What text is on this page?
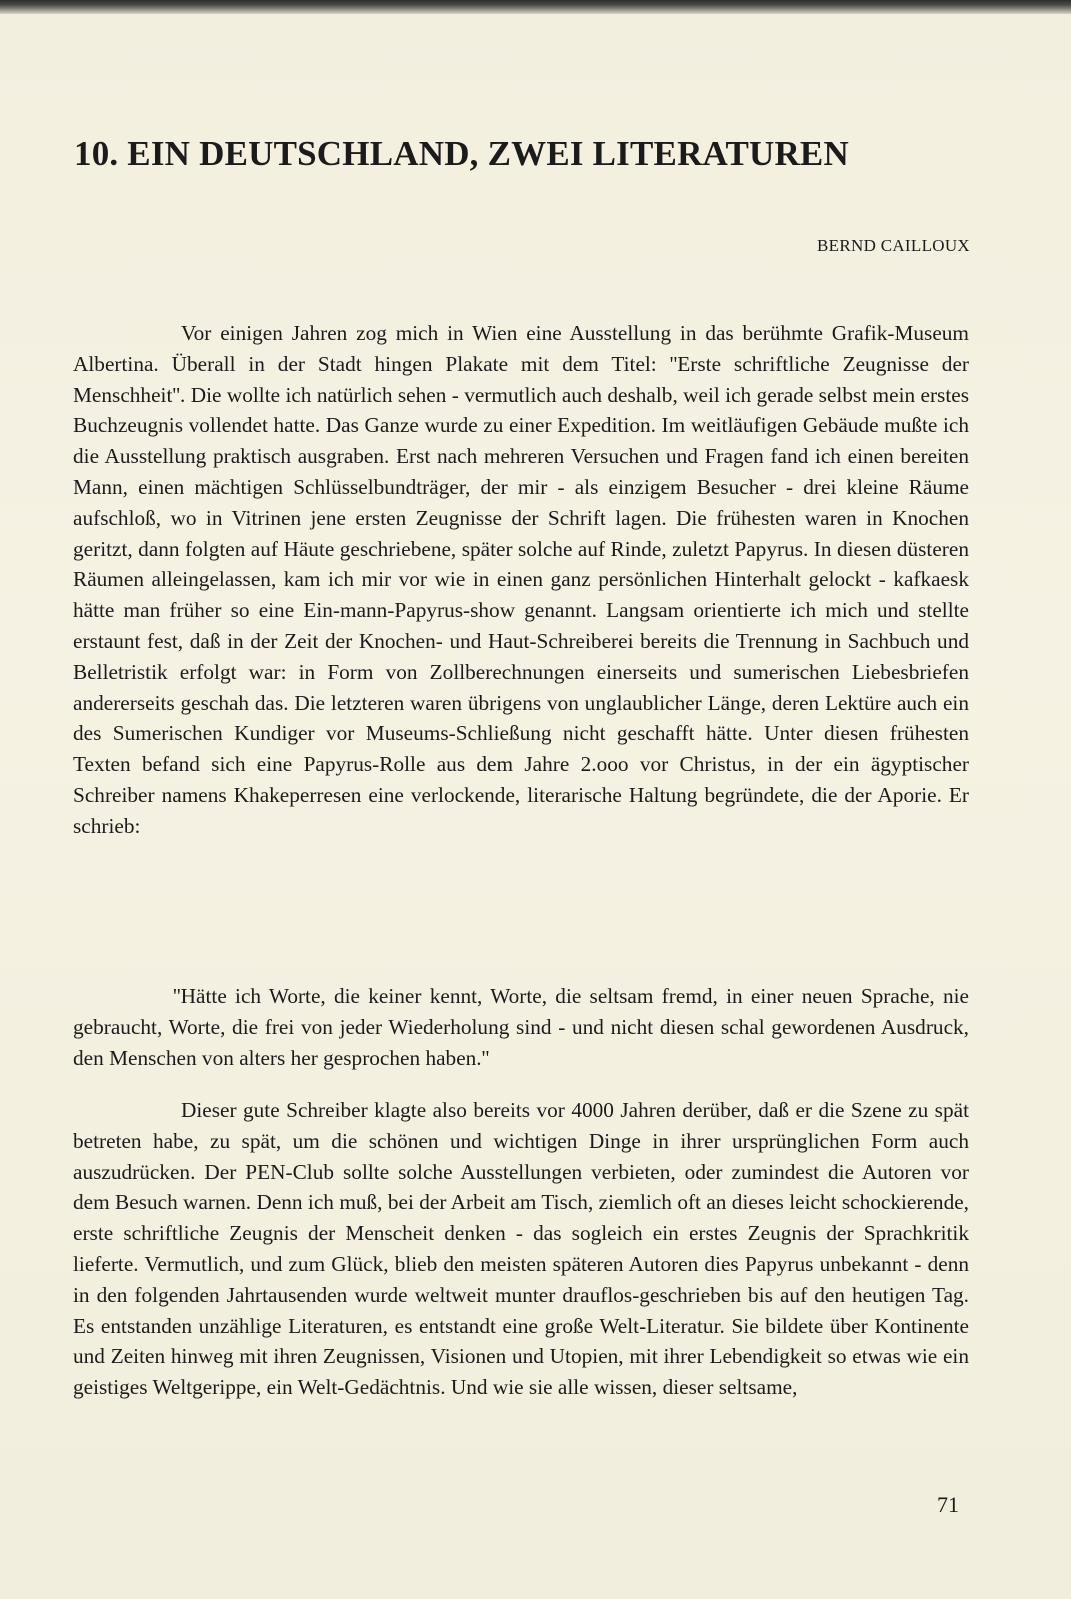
10. EIN DEUTSCHLAND, ZWEI LITERATUREN
BERND CAILLOUX

Vor einigen Jahren zog mich in Wien eine Ausstellung in das berühmte Grafik-Museum Albertina. Überall in der Stadt hingen Plakate mit dem Titel: ''Erste schriftliche Zeugnisse der Menschheit''. Die wollte ich natürlich sehen - vermutlich auch deshalb, weil ich gerade selbst mein erstes Buchzeugnis vollendet hatte. Das Ganze wurde zu einer Expedition. Im weitläufigen Gebäude mußte ich die Ausstellung praktisch ausgraben. Erst nach mehreren Versuchen und Fragen fand ich einen bereiten Mann, einen mächtigen Schlüsselbundträger, der mir - als einzigem Besucher - drei kleine Räume aufschloß, wo in Vitrinen jene ersten Zeugnisse der Schrift lagen. Die frühesten waren in Knochen geritzt, dann folgten auf Häute geschriebene, später solche auf Rinde, zuletzt Papyrus. In diesen düsteren Räumen alleingelassen, kam ich mir vor wie in einen ganz persönlichen Hinterhalt gelockt - kafkaesk hätte man früher so eine Ein-mann-Papyrus-show genannt. Langsam orientierte ich mich und stellte erstaunt fest, daß in der Zeit der Knochen- und Haut-Schreiberei bereits die Trennung in Sachbuch und Belletristik erfolgt war: in Form von Zollberechnungen einerseits und sumerischen Liebesbriefen andererseits geschah das. Die letzteren waren übrigens von unglaublicher Länge, deren Lektüre auch ein des Sumerischen Kundiger vor Museums-Schließung nicht geschafft hätte. Unter diesen frühesten Texten befand sich eine Papyrus-Rolle aus dem Jahre 2.ooo vor Christus, in der ein ägyptischer Schreiber namens Khakeperresen eine verlockende, literarische Haltung begründete, die der Aporie. Er schrieb:

''Hätte ich Worte, die keiner kennt, Worte, die seltsam fremd, in einer neuen Sprache, nie gebraucht, Worte, die frei von jeder Wiederholung sind - und nicht diesen schal gewordenen Ausdruck, den Menschen von alters her gesprochen haben.''

Dieser gute Schreiber klagte also bereits vor 4000 Jahren derüber, daß er die Szene zu spät betreten habe, zu spät, um die schönen und wichtigen Dinge in ihrer ursprünglichen Form auch auszudrücken. Der PEN-Club sollte solche Ausstellungen verbieten, oder zumindest die Autoren vor dem Besuch warnen. Denn ich muß, bei der Arbeit am Tisch, ziemlich oft an dieses leicht schockierende, erste schriftliche Zeugnis der Menscheit denken - das sogleich ein erstes Zeugnis der Sprachkritik lieferte. Vermutlich, und zum Glück, blieb den meisten späteren Autoren dies Papyrus unbekannt - denn in den folgenden Jahrtausenden wurde weltweit munter drauflos-geschrieben bis auf den heutigen Tag. Es entstanden unzählige Literaturen, es entstandt eine große Welt-Literatur. Sie bildete über Kontinente und Zeiten hinweg mit ihren Zeugnissen, Visionen und Utopien, mit ihrer Lebendigkeit so etwas wie ein geistiges Weltgerippe, ein Welt-Gedächtnis. Und wie sie alle wissen, dieser seltsame,

71
